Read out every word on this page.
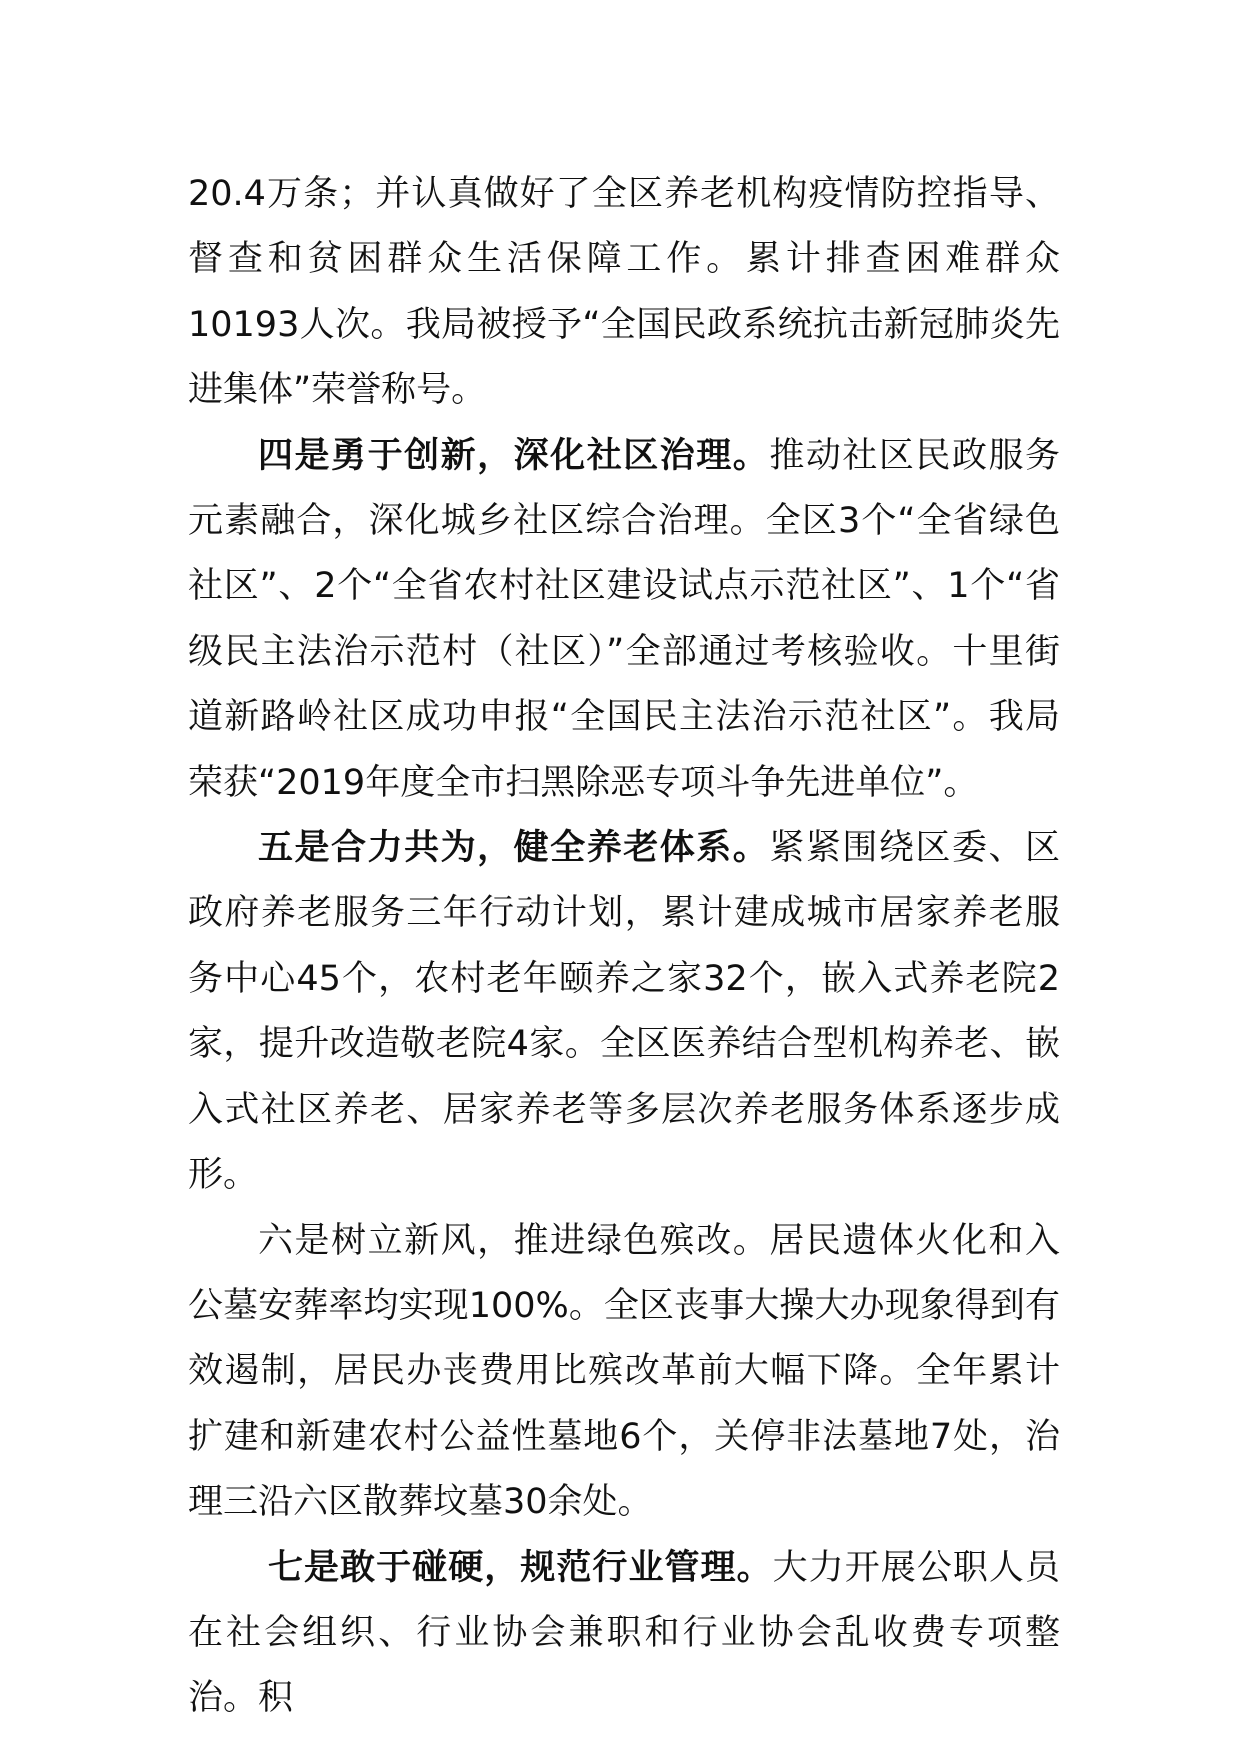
20.4万条；并认真做好了全区养老机构疫情防控指导、督查和贫困群众生活保障工作。累计排查困难群众10193人次。我局被授予“全国民政系统抗击新冠肺炎先进集体”荣誉称号。

四是勇于创新，深化社区治理。推动社区民政服务元素融合，深化城乡社区综合治理。全区3个“全省绿色社区”、2个“全省农村社区建设试点示范社区”、1个“省级民主法治示范村（社区）”全部通过考核验收。十里街道新路岭社区成功申报“全国民主法治示范社区”。我局荣获“2019年度全市扫黑除恶专项斗争先进单位”。

五是合力共为，健全养老体系。紧紧围绕区委、区政府养老服务三年行动计划，累计建成城市居家养老服务中心45个，农村老年颐养之家32个，嵌入式养老院2家，提升改造敬老院4家。全区医养结合型机构养老、嵌入式社区养老、居家养老等多层次养老服务体系逐步成形。

六是树立新风，推进绿色殡改。居民遗体火化和入公墓安葬率均实现100%。全区丧事大操大办现象得到有效遏制，居民办丧费用比殡改革前大幅下降。全年累计扩建和新建农村公益性墓地6个，关停非法墓地7处，治理三沿六区散葬坟墓30余处。

七是敢于碰硬，规范行业管理。大力开展公职人员在社会组织、行业协会兼职和行业协会乱收费专项整治。积
